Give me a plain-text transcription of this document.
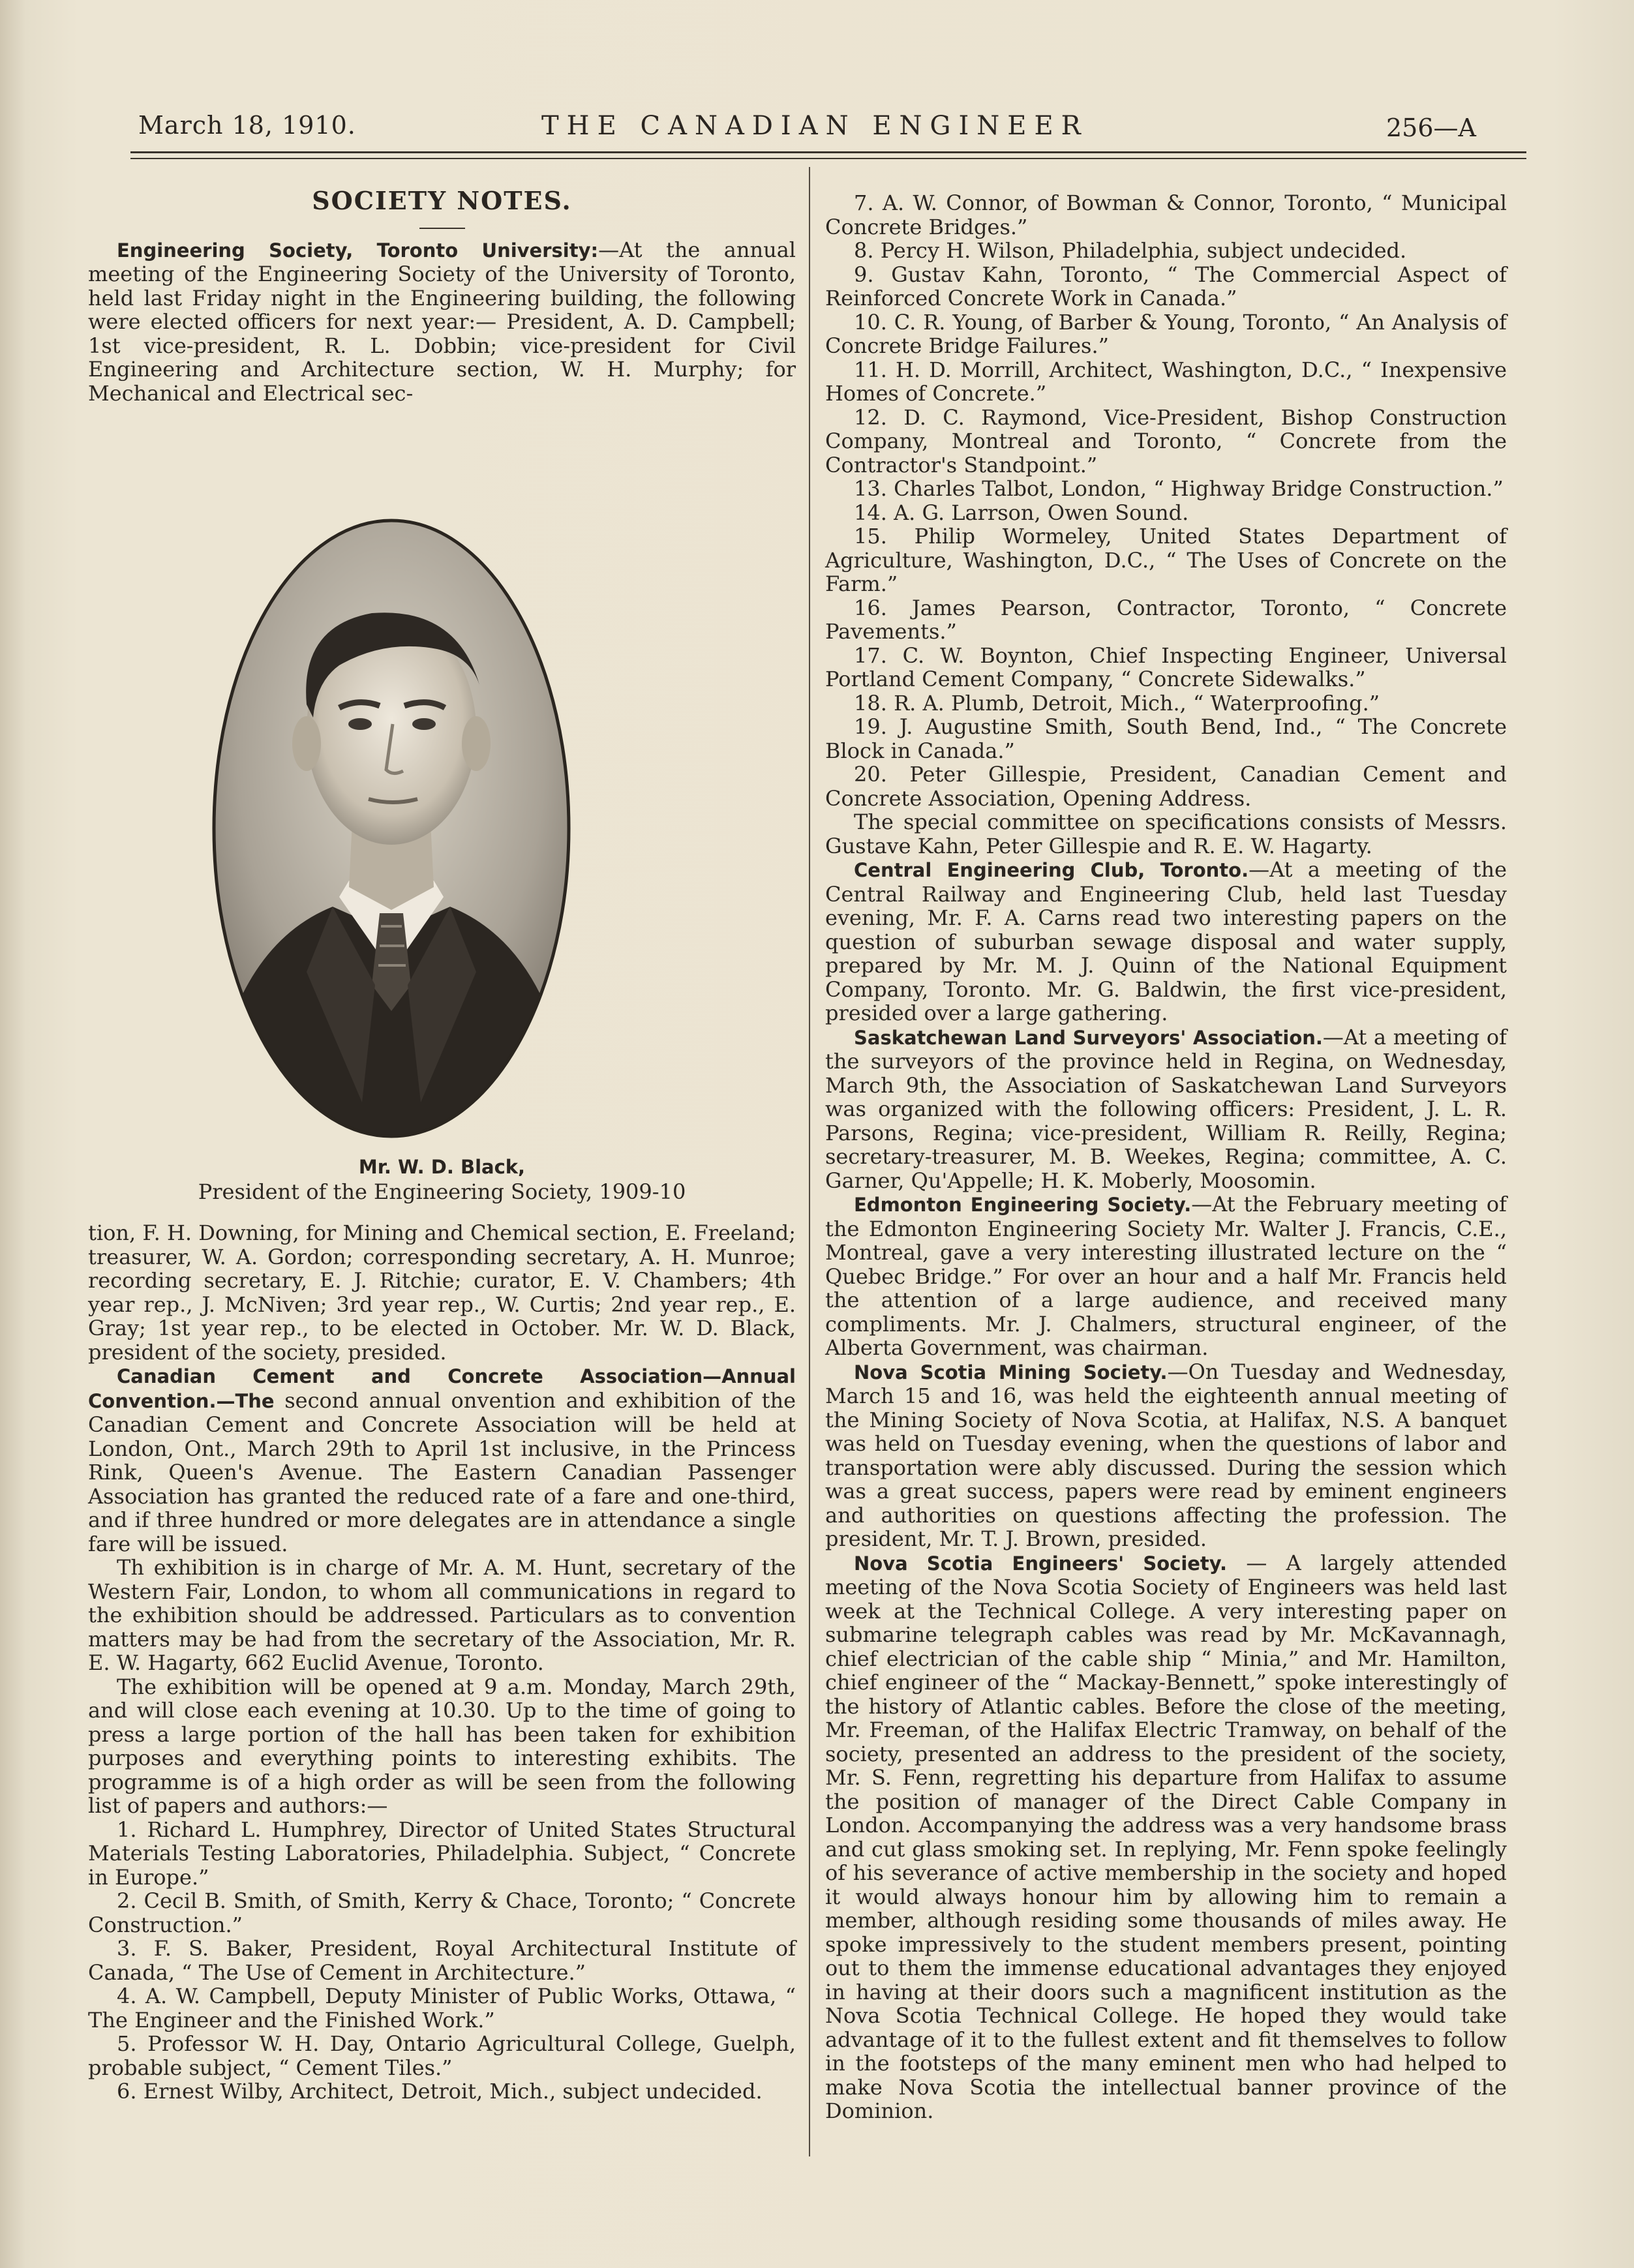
March 18, 1910.	THE CANADIAN ENGINEER	256—A
SOCIETY NOTES.

Engineering Society, Toronto University:—At the annual meeting of the Engineering Society of the University of Toronto, held last Friday night in the Engineering building, the following were elected officers for next year:— President, A. D. Campbell; 1st vice-president, R. L. Dobbin; vice-president for Civil Engineering and Architecture section, W. H. Murphy; for Mechanical and Electrical sec-

Mr. W. D. Black,
President of the Engineering Society, 1909-10

tion, F. H. Downing, for Mining and Chemical section, E. Freeland; treasurer, W. A. Gordon; corresponding secretary, A. H. Munroe; recording secretary, E. J. Ritchie; curator, E. V. Chambers; 4th year rep., J. McNiven; 3rd year rep., W. Curtis; 2nd year rep., E. Gray; 1st year rep., to be elected in October. Mr. W. D. Black, president of the society, presided.

Canadian Cement and Concrete Association—Annual Convention.—The second annual onvention and exhibition of the Canadian Cement and Concrete Association will be held at London, Ont., March 29th to April 1st inclusive, in the Princess Rink, Queen's Avenue. The Eastern Canadian Passenger Association has granted the reduced rate of a fare and one-third, and if three hundred or more delegates are in attendance a single fare will be issued.

Th exhibition is in charge of Mr. A. M. Hunt, secretary of the Western Fair, London, to whom all communications in regard to the exhibition should be addressed. Particulars as to convention matters may be had from the secretary of the Association, Mr. R. E. W. Hagarty, 662 Euclid Avenue, Toronto.

The exhibition will be opened at 9 a.m. Monday, March 29th, and will close each evening at 10.30. Up to the time of going to press a large portion of the hall has been taken for exhibition purposes and everything points to interesting exhibits. The programme is of a high order as will be seen from the following list of papers and authors:—

1. Richard L. Humphrey, Director of United States Structural Materials Testing Laboratories, Philadelphia. Subject, “ Concrete in Europe.”

2. Cecil B. Smith, of Smith, Kerry & Chace, Toronto; “ Concrete Construction.”

3. F. S. Baker, President, Royal Architectural Institute of Canada, “ The Use of Cement in Architecture.”

4. A. W. Campbell, Deputy Minister of Public Works, Ottawa, “ The Engineer and the Finished Work.”

5. Professor W. H. Day, Ontario Agricultural College, Guelph, probable subject, “ Cement Tiles.”

6. Ernest Wilby, Architect, Detroit, Mich., subject undecided.

7. A. W. Connor, of Bowman & Connor, Toronto, “ Municipal Concrete Bridges.”

8. Percy H. Wilson, Philadelphia, subject undecided.

9. Gustav Kahn, Toronto, “ The Commercial Aspect of Reinforced Concrete Work in Canada.”

10. C. R. Young, of Barber & Young, Toronto, “ An Analysis of Concrete Bridge Failures.”

11. H. D. Morrill, Architect, Washington, D.C., “ Inexpensive Homes of Concrete.”

12. D. C. Raymond, Vice-President, Bishop Construction Company, Montreal and Toronto, “ Concrete from the Contractor's Standpoint.”

13. Charles Talbot, London, “ Highway Bridge Construction.”

14. A. G. Larrson, Owen Sound.

15. Philip Wormeley, United States Department of Agriculture, Washington, D.C., “ The Uses of Concrete on the Farm.”

16. James Pearson, Contractor, Toronto, “ Concrete Pavements.”

17. C. W. Boynton, Chief Inspecting Engineer, Universal Portland Cement Company, “ Concrete Sidewalks.”

18. R. A. Plumb, Detroit, Mich., “ Waterproofing.”

19. J. Augustine Smith, South Bend, Ind., “ The Concrete Block in Canada.”

20. Peter Gillespie, President, Canadian Cement and Concrete Association, Opening Address.

The special committee on specifications consists of Messrs. Gustave Kahn, Peter Gillespie and R. E. W. Hagarty.

Central Engineering Club, Toronto.—At a meeting of the Central Railway and Engineering Club, held last Tuesday evening, Mr. F. A. Carns read two interesting papers on the question of suburban sewage disposal and water supply, prepared by Mr. M. J. Quinn of the National Equipment Company, Toronto. Mr. G. Baldwin, the first vice-president, presided over a large gathering.

Saskatchewan Land Surveyors' Association.—At a meeting of the surveyors of the province held in Regina, on Wednesday, March 9th, the Association of Saskatchewan Land Surveyors was organized with the following officers: President, J. L. R. Parsons, Regina; vice-president, William R. Reilly, Regina; secretary-treasurer, M. B. Weekes, Regina; committee, A. C. Garner, Qu'Appelle; H. K. Moberly, Moosomin.

Edmonton Engineering Society.—At the February meeting of the Edmonton Engineering Society Mr. Walter J. Francis, C.E., Montreal, gave a very interesting illustrated lecture on the “ Quebec Bridge.” For over an hour and a half Mr. Francis held the attention of a large audience, and received many compliments. Mr. J. Chalmers, structural engineer, of the Alberta Government, was chairman.

Nova Scotia Mining Society.—On Tuesday and Wednesday, March 15 and 16, was held the eighteenth annual meeting of the Mining Society of Nova Scotia, at Halifax, N.S. A banquet was held on Tuesday evening, when the questions of labor and transportation were ably discussed. During the session which was a great success, papers were read by eminent engineers and authorities on questions affecting the profession. The president, Mr. T. J. Brown, presided.

Nova Scotia Engineers' Society. — A largely attended meeting of the Nova Scotia Society of Engineers was held last week at the Technical College. A very interesting paper on submarine telegraph cables was read by Mr. McKavannagh, chief electrician of the cable ship “ Minia,” and Mr. Hamilton, chief engineer of the “ Mackay-Bennett,” spoke interestingly of the history of Atlantic cables. Before the close of the meeting, Mr. Freeman, of the Halifax Electric Tramway, on behalf of the society, presented an address to the president of the society, Mr. S. Fenn, regretting his departure from Halifax to assume the position of manager of the Direct Cable Company in London. Accompanying the address was a very handsome brass and cut glass smoking set. In replying, Mr. Fenn spoke feelingly of his severance of active membership in the society and hoped it would always honour him by allowing him to remain a member, although residing some thousands of miles away. He spoke impressively to the student members present, pointing out to them the immense educational advantages they enjoyed in having at their doors such a magnificent institution as the Nova Scotia Technical College. He hoped they would take advantage of it to the fullest extent and fit themselves to follow in the footsteps of the many eminent men who had helped to make Nova Scotia the intellectual banner province of the Dominion.
